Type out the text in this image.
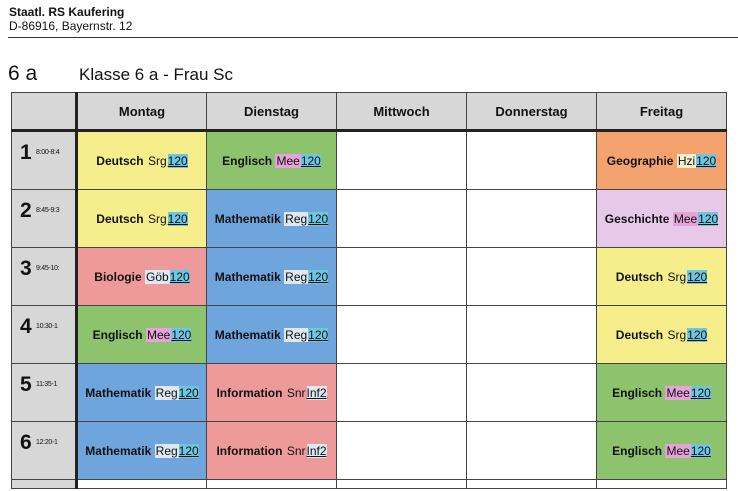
Staatl. RS Kaufering
D-86916, Bayernstr. 12
6 a Klasse 6 a - Frau Sc
	Montag	Dienstag	Mittwoch	Donnerstag	Freitag

1 8:00-8:4	Deutsch Srg120	Englisch Mee120			Geographie Hzi120

2 8:45-9:3	Deutsch Srg120	Mathematik Reg120			Geschichte Mee120

3 9:45-10:	Biologie Göb120	Mathematik Reg120			Deutsch Srg120

4 10:30-1	Englisch Mee120	Mathematik Reg120			Deutsch Srg120

5 11:35-1	Mathematik Reg120	Information SnrInf2			Englisch Mee120

6 12:20-1	Mathematik Reg120	Information SnrInf2			Englisch Mee120
